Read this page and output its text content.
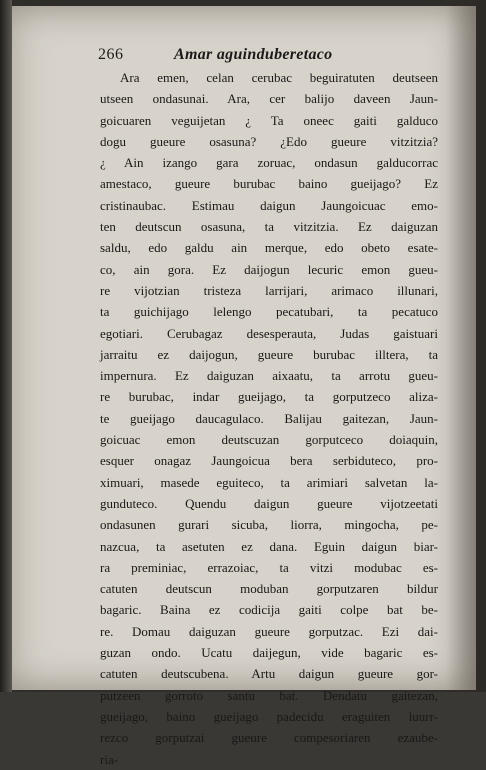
266	Amar aguinduberetaco
Ara emen, celan cerubac beguiratuten deutseen
utseen ondasunai. Ara, cer balijo daveen Jaun-
goicuaren veguijetan ¿ Ta oneec gaiti galduco
dogu gueure osasuna? ¿Edo gueure vitzitzia?
¿ Ain izango gara zoruac, ondasun galducorrac
amestaco, gueure burubac baino gueijago? Ez
cristinaubac. Estimau daigun Jaungoicuac emo-
ten deutscun osasuna, ta vitzitzia. Ez daiguzan
saldu, edo galdu ain merque, edo obeto esate-
co, ain gora. Ez daijogun lecuric emon gueu-
re vijotzian tristeza larrijari, arimaco illunari,
ta guichijago lelengo pecatubari, ta pecatuco
egotiari. Cerubagaz desesperauta, Judas gaistuari
jarraitu ez daijogun, gueure burubac illtera, ta
impernura. Ez daiguzan aixaatu, ta arrotu gueu-
re burubac, indar gueijago, ta gorputzeco aliza-
te gueijago daucagulaco. Balijau gaitezan, Jaun-
goicuac emon deutscuzan gorputceco doiaquin,
esquer onagaz Jaungoicua bera serbiduteco, pro-
ximuari, masede eguiteco, ta arimiari salvetan la-
gunduteco. Quendu daigun gueure vijotzeetati
ondasunen gurari sicuba, liorra, mingocha, pe-
nazcua, ta asetuten ez dana. Eguin daigun biar-
ra preminiac, errazoiac, ta vitzi modubac es-
catuten deutscun moduban gorputzaren bildur
bagaric. Baina ez codicija gaiti colpe bat be-
re. Domau daiguzan gueure gorputzac. Ezi dai-
guzan ondo. Ucatu daijegun, vide bagaric es-
catuten deutscubena. Artu daigun gueure gor-
putzeen gorroto santu bat. Dendatu gaitezan,
gueijago, baino gueijago padecidu eraguiten luurr-
rezco gorputzai gueure compesoriaren ezaube-
ria-
